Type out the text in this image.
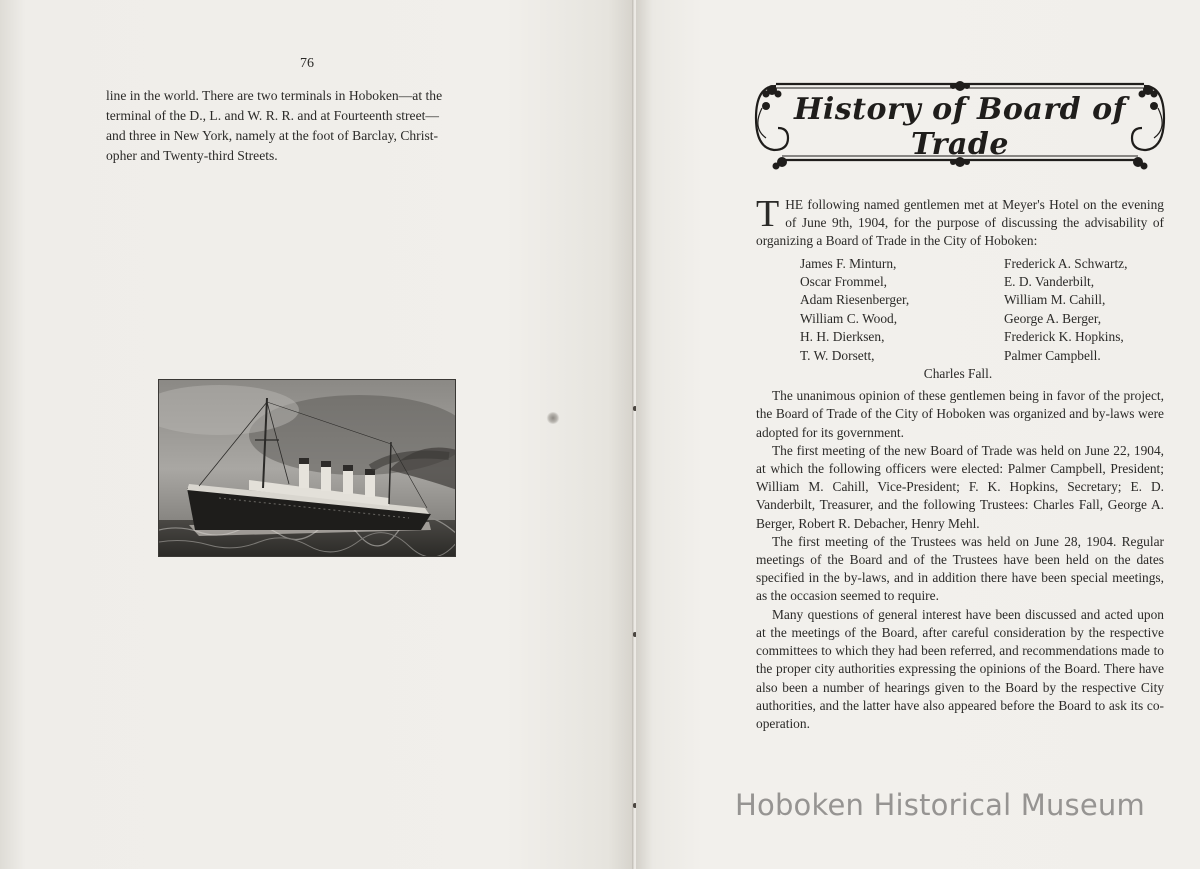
76
line in the world. There are two terminals in Hoboken—at the
terminal of the D., L. and W. R. R. and at Fourteenth street—
and three in New York, namely at the foot of Barclay, Christ-
opher and Twenty-third Streets.
History of Board of Trade
T HE following named gentlemen met at Meyer's Hotel on the evening of June 9th, 1904, for the purpose of discussing the advisability of organizing a Board of Trade in the City of Hoboken:
James F. Minturn,	Frederick A. Schwartz,
Oscar Frommel,	E. D. Vanderbilt,
Adam Riesenberger,	William M. Cahill,
William C. Wood,	George A. Berger,
H. H. Dierksen,	Frederick K. Hopkins,
T. W. Dorsett,	Palmer Campbell.
Charles Fall.

The unanimous opinion of these gentlemen being in favor of the project, the Board of Trade of the City of Hoboken was organized and by-laws were adopted for its government.

The first meeting of the new Board of Trade was held on June 22, 1904, at which the following officers were elected: Palmer Campbell, President; William M. Cahill, Vice-President; F. K. Hopkins, Secretary; E. D. Vanderbilt, Treasurer, and the following Trustees: Charles Fall, George A. Berger, Robert R. Debacher, Henry Mehl.

The first meeting of the Trustees was held on June 28, 1904. Regular meetings of the Board and of the Trustees have been held on the dates specified in the by-laws, and in addition there have been special meetings, as the occasion seemed to require.

Many questions of general interest have been discussed and acted upon at the meetings of the Board, after careful consideration by the respective committees to which they had been referred, and recommendations made to the proper city authorities expressing the opinions of the Board. There have also been a number of hearings given to the Board by the respective City authorities, and the latter have also appeared before the Board to ask its co-operation.

Hoboken Historical Museum
